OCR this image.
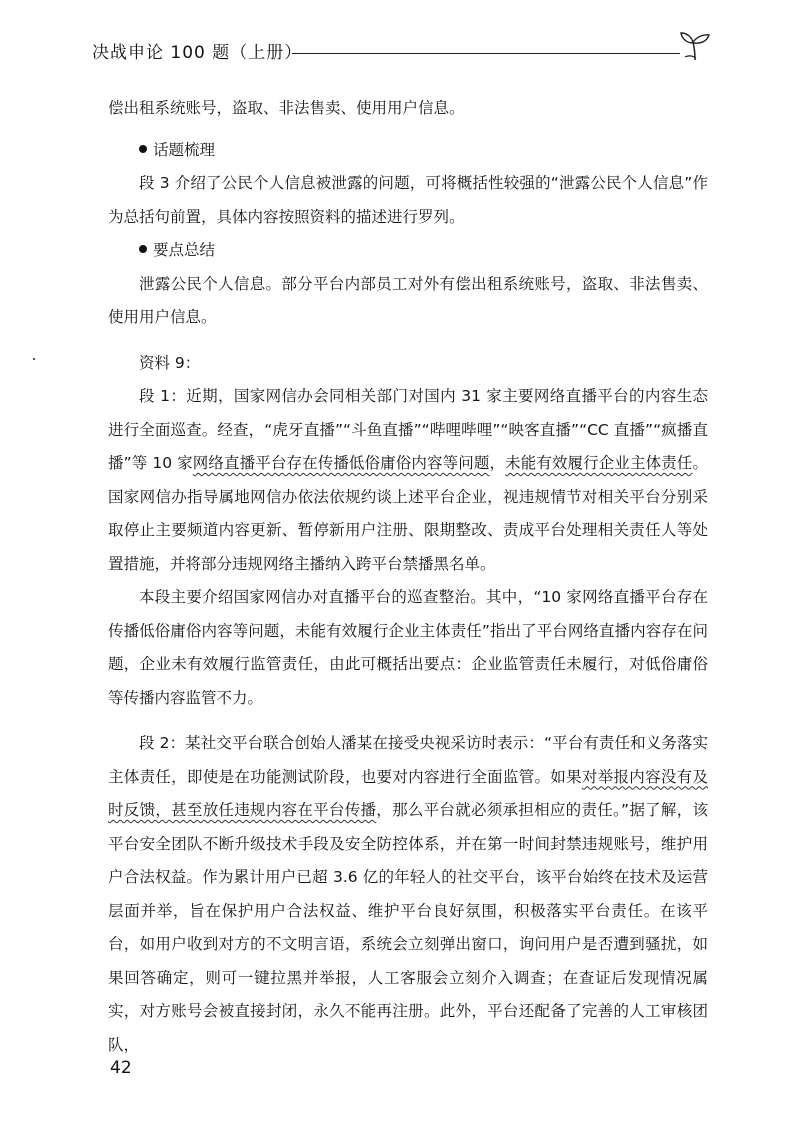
决战申论 100 题（上册）

偿出租系统账号，盗取、非法售卖、使用用户信息。

话题梳理

段 3 介绍了公民个人信息被泄露的问题，可将概括性较强的“泄露公民个人信息”作为总括句前置，具体内容按照资料的描述进行罗列。

要点总结

泄露公民个人信息。部分平台内部员工对外有偿出租系统账号，盗取、非法售卖、使用用户信息。

资料 9：

段 1：近期，国家网信办会同相关部门对国内 31 家主要网络直播平台的内容生态进行全面巡查。经查，“虎牙直播”“斗鱼直播”“哔哩哔哩”“映客直播”“CC 直播”“疯播直播”等 10 家网络直播平台存在传播低俗庸俗内容等问题，未能有效履行企业主体责任。国家网信办指导属地网信办依法依规约谈上述平台企业，视违规情节对相关平台分别采取停止主要频道内容更新、暂停新用户注册、限期整改、责成平台处理相关责任人等处置措施，并将部分违规网络主播纳入跨平台禁播黑名单。

本段主要介绍国家网信办对直播平台的巡查整治。其中，“10 家网络直播平台存在传播低俗庸俗内容等问题，未能有效履行企业主体责任”指出了平台网络直播内容存在问题，企业未有效履行监管责任，由此可概括出要点：企业监管责任未履行，对低俗庸俗等传播内容监管不力。

段 2：某社交平台联合创始人潘某在接受央视采访时表示：“平台有责任和义务落实主体责任，即使是在功能测试阶段，也要对内容进行全面监管。如果对举报内容没有及时反馈，甚至放任违规内容在平台传播，那么平台就必须承担相应的责任。”据了解，该平台安全团队不断升级技术手段及安全防控体系，并在第一时间封禁违规账号，维护用户合法权益。作为累计用户已超 3.6 亿的年轻人的社交平台，该平台始终在技术及运营层面并举，旨在保护用户合法权益、维护平台良好氛围，积极落实平台责任。在该平台，如用户收到对方的不文明言语，系统会立刻弹出窗口，询问用户是否遭到骚扰，如果回答确定，则可一键拉黑并举报，人工客服会立刻介入调查；在查证后发现情况属实，对方账号会被直接封闭，永久不能再注册。此外，平台还配备了完善的人工审核团队，

42
